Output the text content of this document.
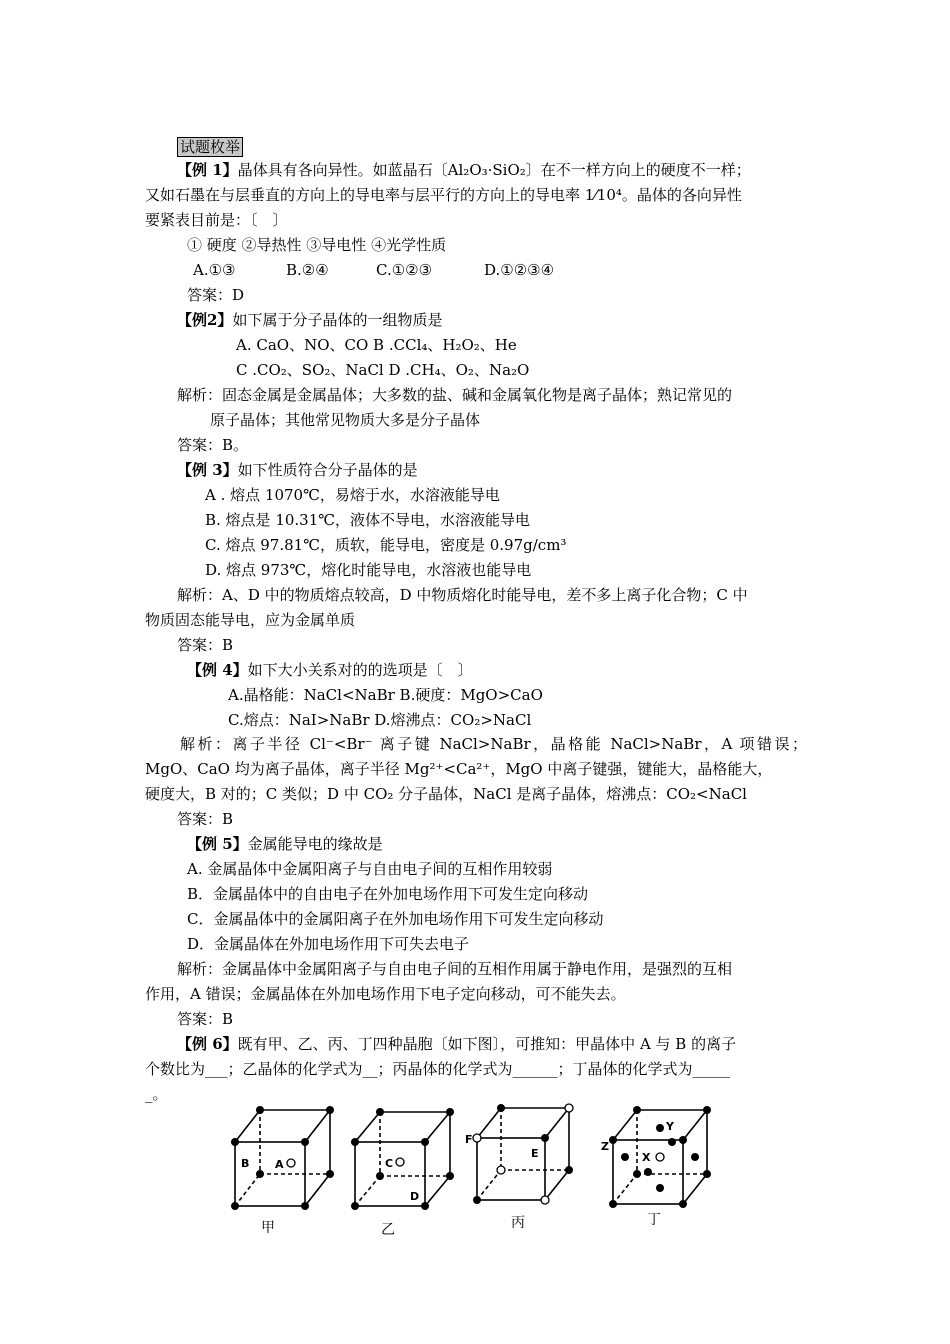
试题枚举
【例 1】晶体具有各向异性。如蓝晶石〔Al₂O₃·SiO₂〕在不一样方向上的硬度不一样；
又如石墨在与层垂直的方向上的导电率与层平行的方向上的导电率 1⁄10⁴。晶体的各向异性
要紧表目前是：〔　〕
① 硬度 ②导热性 ③导电性 ④光学性质
A.①③	B.②④	C.①②③	D.①②③④
答案：D
【例2】如下属于分子晶体的一组物质是
A. CaO、NO、CO B .CCl₄、H₂O₂、He
C .CO₂、SO₂、NaCl D .CH₄、O₂、Na₂O
解析：固态金属是金属晶体；大多数的盐、碱和金属氧化物是离子晶体；熟记常见的
原子晶体；其他常见物质大多是分子晶体
答案：B。
【例 3】如下性质符合分子晶体的是
A . 熔点 1070℃，易熔于水，水溶液能导电
B. 熔点是 10.31℃，液体不导电，水溶液能导电
C. 熔点 97.81℃，质软，能导电，密度是 0.97g/cm³
D. 熔点 973℃，熔化时能导电，水溶液也能导电
解析：A、D 中的物质熔点较高，D 中物质熔化时能导电，差不多上离子化合物；C 中
物质固态能导电，应为金属单质
答案：B
【例 4】如下大小关系对的的选项是〔　〕
A.晶格能：NaCl<NaBr B.硬度：MgO>CaO
C.熔点：NaI>NaBr D.熔沸点：CO₂>NaCl
解析：离子半径 Cl⁻<Br⁻ 离子键 NaCl>NaBr，晶格能 NaCl>NaBr，A 项错误；
MgO、CaO 均为离子晶体，离子半径 Mg²⁺<Ca²⁺，MgO 中离子键强，键能大，晶格能大，
硬度大，B 对的；C 类似；D 中 CO₂ 分子晶体，NaCl 是离子晶体，熔沸点：CO₂<NaCl
答案：B
【例 5】金属能导电的缘故是
A. 金属晶体中金属阳离子与自由电子间的互相作用较弱
B．金属晶体中的自由电子在外加电场作用下可发生定向移动
C．金属晶体中的金属阳离子在外加电场作用下可发生定向移动
D．金属晶体在外加电场作用下可失去电子
解析：金属晶体中金属阳离子与自由电子间的互相作用属于静电作用，是强烈的互相
作用，A 错误；金属晶体在外加电场作用下电子定向移动，可不能失去。
答案：B
【例 6】既有甲、乙、丙、丁四种晶胞〔如下图〕，可推知：甲晶体中 A 与 B 的离子
个数比为___；乙晶体的化学式为__；丙晶体的化学式为______；丁晶体的化学式为_____
_。
B A	C
D
F
E
Z
Y
X
甲	乙	丙	丁
